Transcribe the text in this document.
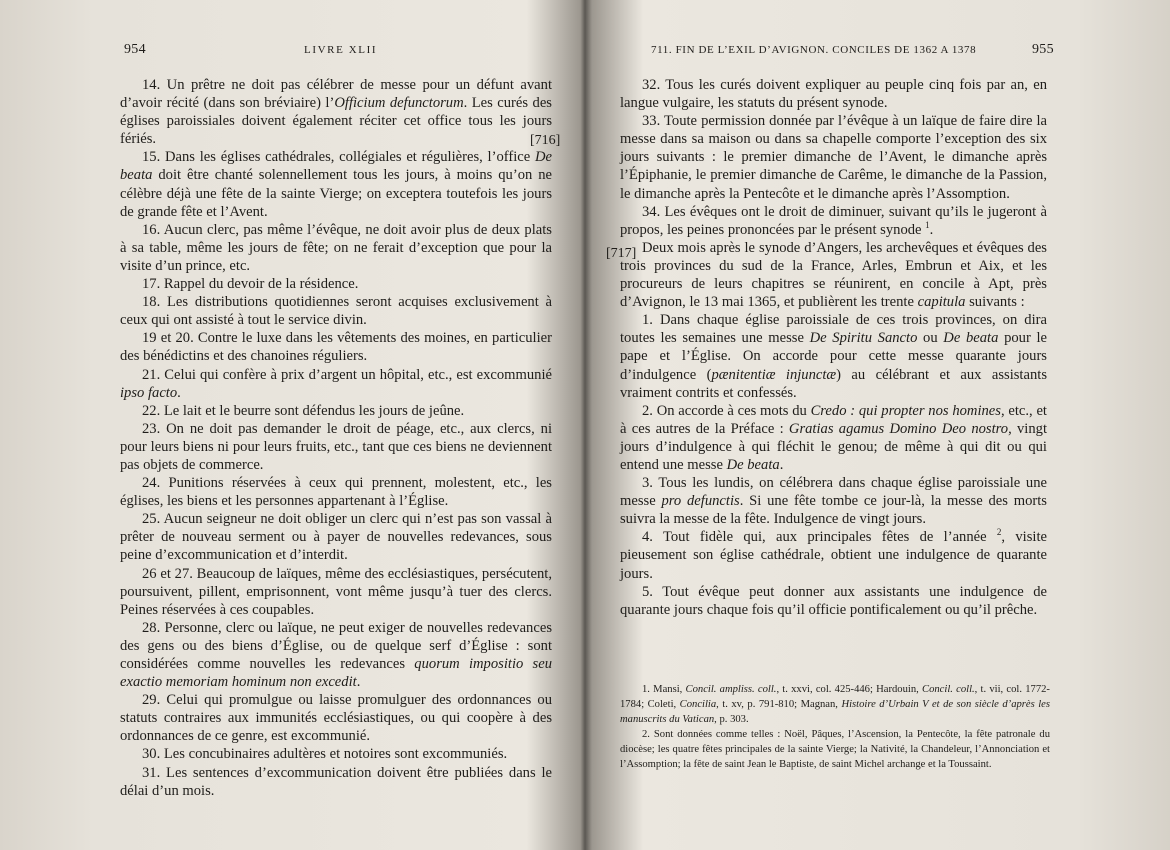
954	LIVRE XLII

14. Un prêtre ne doit pas célébrer de messe pour un défunt avant d’avoir récité (dans son bréviaire) l’Officium defunctorum. Les curés des églises paroissiales doivent également réciter cet office tous les jours fériés.

15. Dans les églises cathédrales, collégiales et régulières, l’office De beata doit être chanté solennellement tous les jours, à moins qu’on ne célèbre déjà une fête de la sainte Vierge; on exceptera toutefois les jours de grande fête et l’Avent.

16. Aucun clerc, pas même l’évêque, ne doit avoir plus de deux plats à sa table, même les jours de fête; on ne ferait d’exception que pour la visite d’un prince, etc.

17. Rappel du devoir de la résidence.

18. Les distributions quotidiennes seront acquises exclusivement à ceux qui ont assisté à tout le service divin.

19 et 20. Contre le luxe dans les vêtements des moines, en particulier des bénédictins et des chanoines réguliers.

21. Celui qui confère à prix d’argent un hôpital, etc., est excommunié ipso facto.

22. Le lait et le beurre sont défendus les jours de jeûne.

23. On ne doit pas demander le droit de péage, etc., aux clercs, ni pour leurs biens ni pour leurs fruits, etc., tant que ces biens ne deviennent pas objets de commerce.

24. Punitions réservées à ceux qui prennent, molestent, etc., les églises, les biens et les personnes appartenant à l’Église.

25. Aucun seigneur ne doit obliger un clerc qui n’est pas son vassal à prêter de nouveau serment ou à payer de nouvelles redevances, sous peine d’excommunication et d’interdit.

26 et 27. Beaucoup de laïques, même des ecclésiastiques, persécutent, poursuivent, pillent, emprisonnent, vont même jusqu’à tuer des clercs. Peines réservées à ces coupables.

28. Personne, clerc ou laïque, ne peut exiger de nouvelles redevances des gens ou des biens d’Église, ou de quelque serf d’Église : sont considérées comme nouvelles les redevances quorum impositio seu exactio memoriam hominum non excedit.

29. Celui qui promulgue ou laisse promulguer des ordonnances ou statuts contraires aux immunités ecclésiastiques, ou qui coopère à des ordonnances de ce genre, est excommunié.

30. Les concubinaires adultères et notoires sont excommuniés.

31. Les sentences d’excommunication doivent être publiées dans le délai d’un mois.

[716]
[717]
711. FIN DE L’EXIL D’AVIGNON. CONCILES DE 1362 A 1378	955

32. Tous les curés doivent expliquer au peuple cinq fois par an, en langue vulgaire, les statuts du présent synode.

33. Toute permission donnée par l’évêque à un laïque de faire dire la messe dans sa maison ou dans sa chapelle comporte l’exception des six jours suivants : le premier dimanche de l’Avent, le dimanche après l’Épiphanie, le premier dimanche de Carême, le dimanche de la Passion, le dimanche après la Pentecôte et le dimanche après l’Assomption.

34. Les évêques ont le droit de diminuer, suivant qu’ils le jugeront à propos, les peines prononcées par le présent synode $^1$.

Deux mois après le synode d’Angers, les archevêques et évêques des trois provinces du sud de la France, Arles, Embrun et Aix, et les procureurs de leurs chapitres se réunirent, en concile à Apt, près d’Avignon, le 13 mai 1365, et publièrent les trente capitula suivants :

1. Dans chaque église paroissiale de ces trois provinces, on dira toutes les semaines une messe De Spiritu Sancto ou De beata pour le pape et l’Église. On accorde pour cette messe quarante jours d’indulgence (pænitentiæ injunctæ) au célébrant et aux assistants vraiment contrits et confessés.

2. On accorde à ces mots du Credo : qui propter nos homines, etc., et à ces autres de la Préface : Gratias agamus Domino Deo nostro, vingt jours d’indulgence à qui fléchit le genou; de même à qui dit ou qui entend une messe De beata.

3. Tous les lundis, on célébrera dans chaque église paroissiale une messe pro defunctis. Si une fête tombe ce jour-là, la messe des morts suivra la messe de la fête. Indulgence de vingt jours.

4. Tout fidèle qui, aux principales fêtes de l’année $^2$, visite pieusement son église cathédrale, obtient une indulgence de quarante jours.

5. Tout évêque peut donner aux assistants une indulgence de quarante jours chaque fois qu’il officie pontificalement ou qu’il prêche.

1. Mansi, Concil. ampliss. coll., t. xxvi, col. 425-446; Hardouin, Concil. coll., t. vii, col. 1772-1784; Coleti, Concilia, t. xv, p. 791-810; Magnan, Histoire d’Urbain V et de son siècle d’après les manuscrits du Vatican, p. 303.

2. Sont données comme telles : Noël, Pâques, l’Ascension, la Pentecôte, la fête patronale du diocèse; les quatre fêtes principales de la sainte Vierge; la Nativité, la Chandeleur, l’Annonciation et l’Assomption; la fête de saint Jean le Baptiste, de saint Michel archange et la Toussaint.
